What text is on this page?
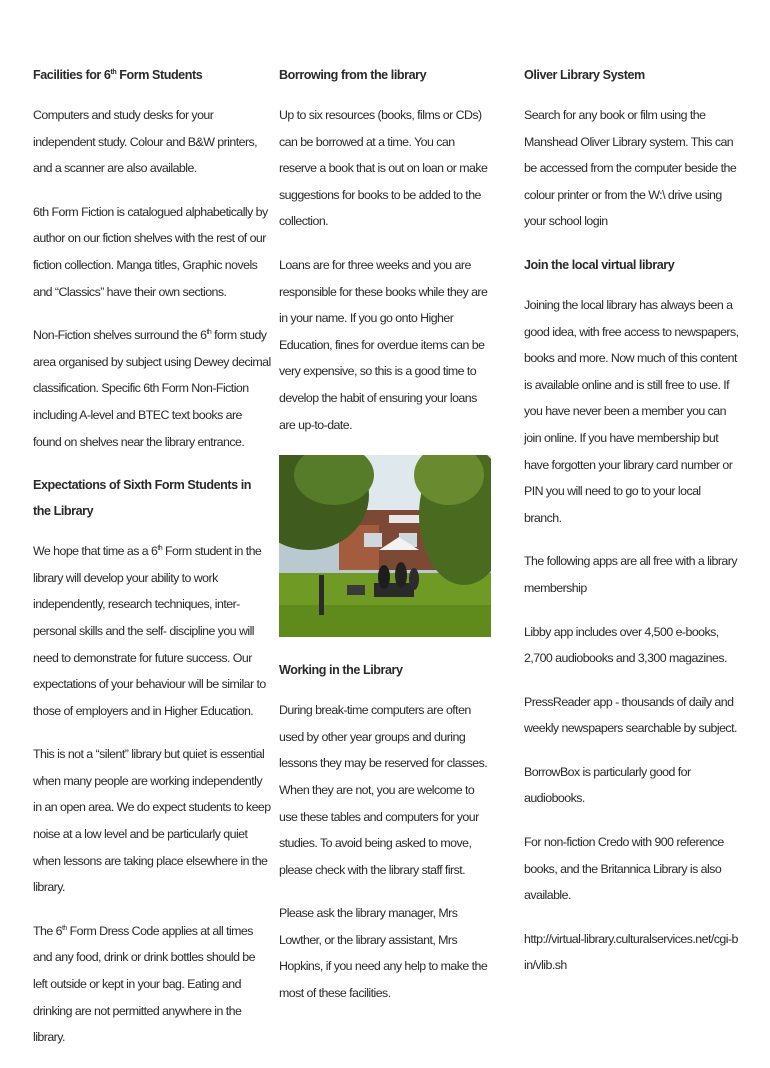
Facilities for 6th Form Students

Computers and study desks for your independent study. Colour and B&W printers, and a scanner are also available.

6th Form Fiction is catalogued alphabetically by author on our fiction shelves with the rest of our fiction collection. Manga titles, Graphic novels and “Classics” have their own sections.

Non-Fiction shelves surround the 6th form study area organised by subject using Dewey decimal classification. Specific 6th Form Non-Fiction including A-level and BTEC text books are found on shelves near the library entrance.

Expectations of Sixth Form Students in the Library

We hope that time as a 6th Form student in the library will develop your ability to work independently, research techniques, inter-personal skills and the self- discipline you will need to demonstrate for future success. Our expectations of your behaviour will be similar to those of employers and in Higher Education.

This is not a “silent” library but quiet is essential when many people are working independently in an open area. We do expect students to keep noise at a low level and be particularly quiet when lessons are taking place elsewhere in the library.

The 6th Form Dress Code applies at all times and any food, drink or drink bottles should be left outside or kept in your bag. Eating and drinking are not permitted anywhere in the library.

Borrowing from the library

Up to six resources (books, films or CDs) can be borrowed at a time. You can reserve a book that is out on loan or make suggestions for books to be added to the collection.

Loans are for three weeks and you are responsible for these books while they are in your name. If you go onto Higher Education, fines for overdue items can be very expensive, so this is a good time to develop the habit of ensuring your loans are up-to-date.

Working in the Library

During break-time computers are often used by other year groups and during lessons they may be reserved for classes. When they are not, you are welcome to use these tables and computers for your studies. To avoid being asked to move, please check with the library staff first.

Please ask the library manager, Mrs Lowther, or the library assistant, Mrs Hopkins, if you need any help to make the most of these facilities.

Oliver Library System

Search for any book or film using the Manshead Oliver Library system. This can be accessed from the computer beside the colour printer or from the W:\ drive using your school login

Join the local virtual library

Joining the local library has always been a good idea, with free access to newspapers, books and more. Now much of this content is available online and is still free to use. If you have never been a member you can join online. If you have membership but have forgotten your library card number or PIN you will need to go to your local branch.

The following apps are all free with a library membership

Libby app includes over 4,500 e-books, 2,700 audiobooks and 3,300 magazines.

PressReader app - thousands of daily and weekly newspapers searchable by subject.

BorrowBox is particularly good for audiobooks.

For non-fiction Credo with 900 reference books, and the Britannica Library is also available.

http://virtual-library.culturalservices.net/cgi-bin/vlib.sh
